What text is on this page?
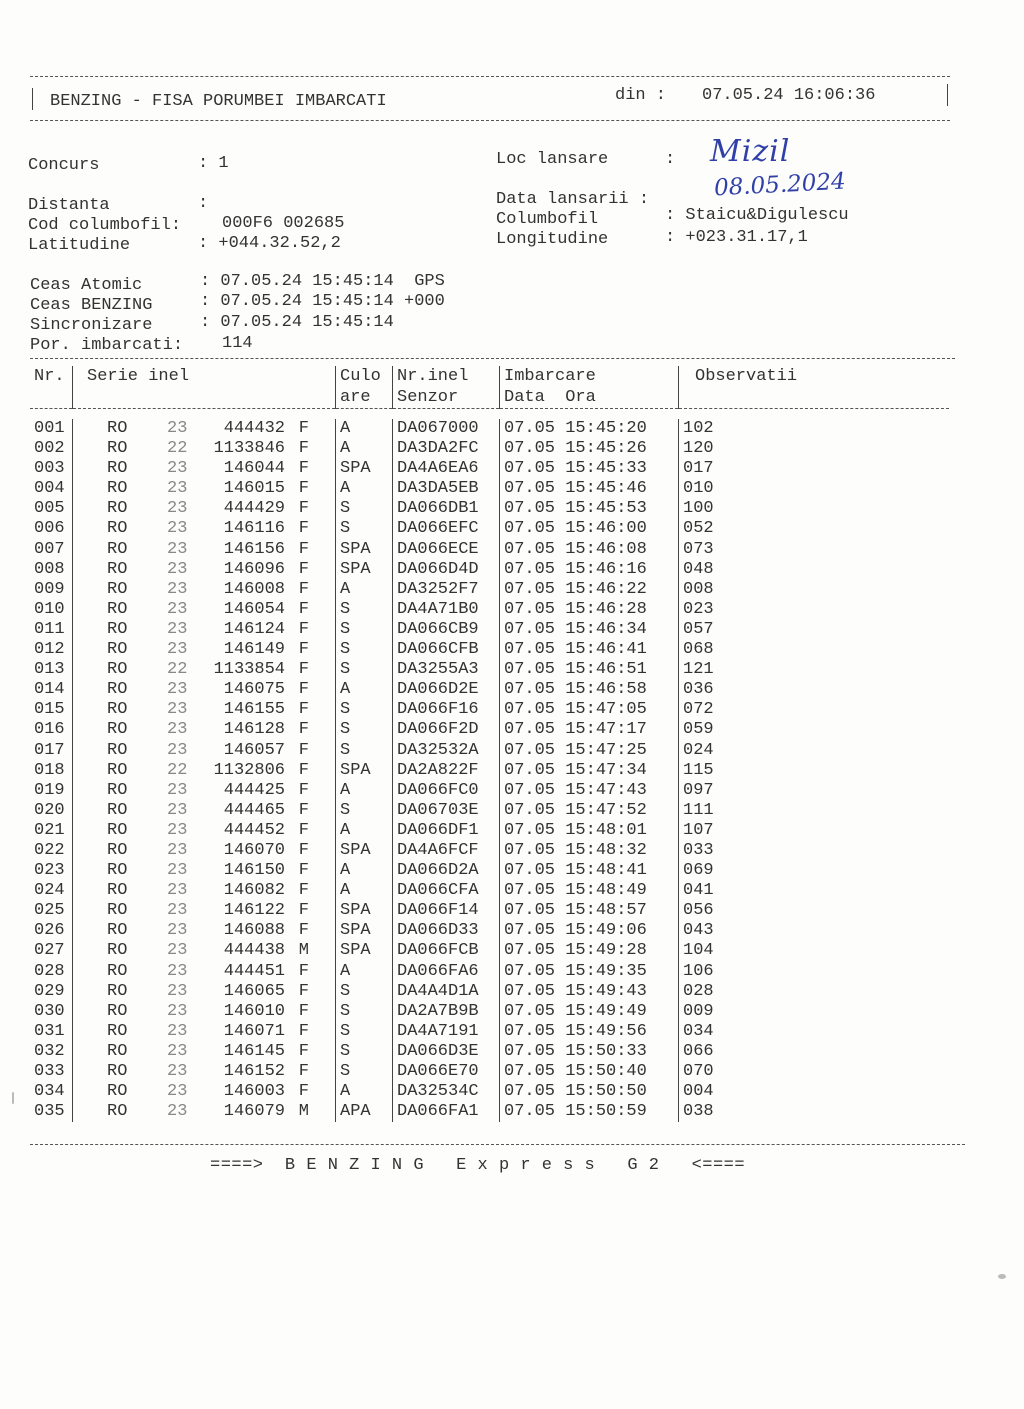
BENZING - FISA PORUMBEI IMBARCATI	din : 07.05.24 16:06:36
Concurs	: 1
Distanta	:
Cod columbofil: 000F6 002685
Latitudine	: +044.32.52,2
Loc lansare	: Mizil
Data lansarii :	08.05.2024
Columbofil	: Staicu&Digulescu
Longitudine	: +023.31.17,1
Ceas Atomic	: 07.05.24 15:45:14  GPS
Ceas BENZING	: 07.05.24 15:45:14 +000
Sincronizare	: 07.05.24 15:45:14
Por. imbarcati: 114
Nr.	Serie inel	Culo	Nr.inel	Imbarcare	Observatii
		are	Senzor	Data  Ora	

001	RO 23 444432 F	A	DA067000	07.05 15:45:20	102
002	RO 22 1133846 F	A	DA3DA2FC	07.05 15:45:26	120
003	RO 23 146044 F	SPA	DA4A6EA6	07.05 15:45:33	017
004	RO 23 146015 F	A	DA3DA5EB	07.05 15:45:46	010
005	RO 23 444429 F	S	DA066DB1	07.05 15:45:53	100
006	RO 23 146116 F	S	DA066EFC	07.05 15:46:00	052
007	RO 23 146156 F	SPA	DA066ECE	07.05 15:46:08	073
008	RO 23 146096 F	SPA	DA066D4D	07.05 15:46:16	048
009	RO 23 146008 F	A	DA3252F7	07.05 15:46:22	008
010	RO 23 146054 F	S	DA4A71B0	07.05 15:46:28	023
011	RO 23 146124 F	S	DA066CB9	07.05 15:46:34	057
012	RO 23 146149 F	S	DA066CFB	07.05 15:46:41	068
013	RO 22 1133854 F	S	DA3255A3	07.05 15:46:51	121
014	RO 23 146075 F	A	DA066D2E	07.05 15:46:58	036
015	RO 23 146155 F	S	DA066F16	07.05 15:47:05	072
016	RO 23 146128 F	S	DA066F2D	07.05 15:47:17	059
017	RO 23 146057 F	S	DA32532A	07.05 15:47:25	024
018	RO 22 1132806 F	SPA	DA2A822F	07.05 15:47:34	115
019	RO 23 444425 F	A	DA066FC0	07.05 15:47:43	097
020	RO 23 444465 F	S	DA06703E	07.05 15:47:52	111
021	RO 23 444452 F	A	DA066DF1	07.05 15:48:01	107
022	RO 23 146070 F	SPA	DA4A6FCF	07.05 15:48:32	033
023	RO 23 146150 F	A	DA066D2A	07.05 15:48:41	069
024	RO 23 146082 F	A	DA066CFA	07.05 15:48:49	041
025	RO 23 146122 F	SPA	DA066F14	07.05 15:48:57	056
026	RO 23 146088 F	SPA	DA066D33	07.05 15:49:06	043
027	RO 23 444438 M	SPA	DA066FCB	07.05 15:49:28	104
028	RO 23 444451 F	A	DA066FA6	07.05 15:49:35	106
029	RO 23 146065 F	S	DA4A4D1A	07.05 15:49:43	028
030	RO 23 146010 F	S	DA2A7B9B	07.05 15:49:49	009
031	RO 23 146071 F	S	DA4A7191	07.05 15:49:56	034
032	RO 23 146145 F	S	DA066D3E	07.05 15:50:33	066
033	RO 23 146152 F	S	DA066E70	07.05 15:50:40	070
034	RO 23 146003 F	A	DA32534C	07.05 15:50:50	004
035	RO 23 146079 M	APA	DA066FA1	07.05 15:50:59	038
====>  B E N Z I N G   E x p r e s s   G 2   <====
